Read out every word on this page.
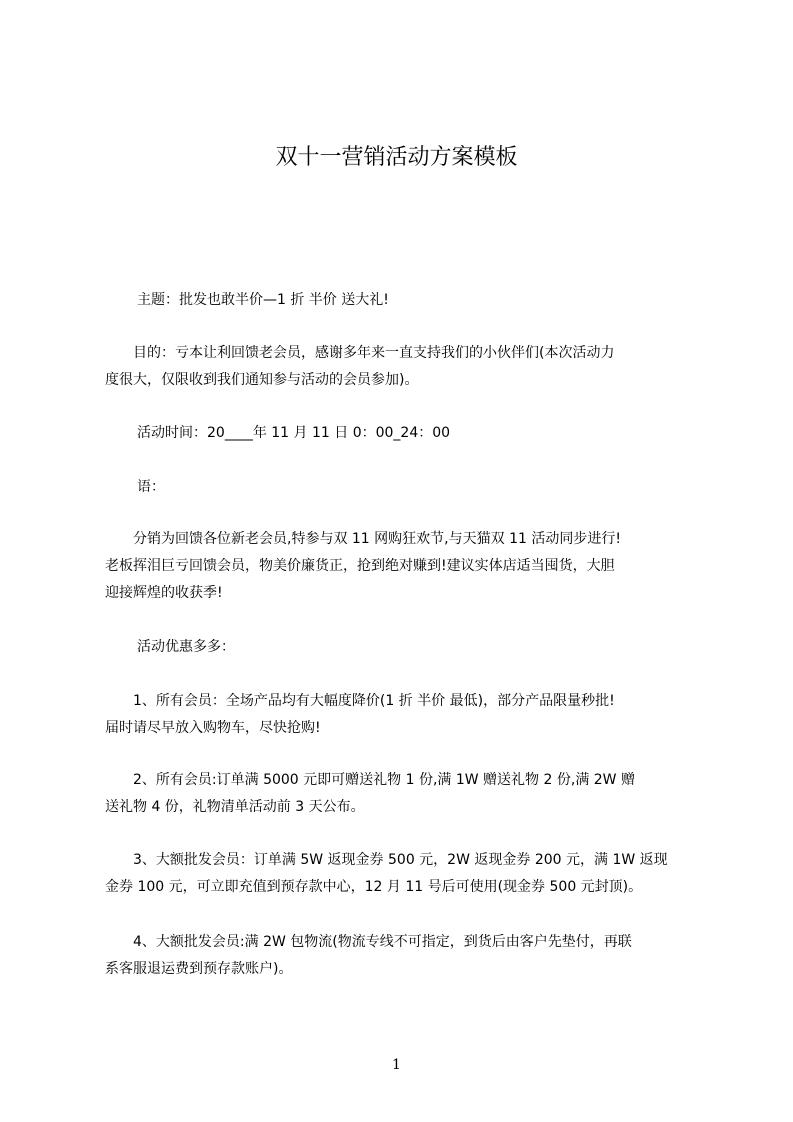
双十一营销活动方案模板
主题：批发也敢半价—1 折 半价 送大礼!
目的：亏本让利回馈老会员，感谢多年来一直支持我们的小伙伴们(本次活动力
度很大，仅限收到我们通知参与活动的会员参加)。
活动时间：20____年 11 月 11 日 0：00_24：00
语：
分销为回馈各位新老会员,特参与双 11 网购狂欢节,与天猫双 11 活动同步进行!
老板挥泪巨亏回馈会员，物美价廉货正，抢到绝对赚到!建议实体店适当囤货，大胆
迎接辉煌的收获季!
活动优惠多多：
1、所有会员：全场产品均有大幅度降价(1 折 半价 最低)，部分产品限量秒批!
届时请尽早放入购物车，尽快抢购!
2、所有会员:订单满 5000 元即可赠送礼物 1 份,满 1W 赠送礼物 2 份,满 2W 赠
送礼物 4 份，礼物清单活动前 3 天公布。
3、大额批发会员：订单满 5W 返现金券 500 元，2W 返现金券 200 元，满 1W 返现
金券 100 元，可立即充值到预存款中心，12 月 11 号后可使用(现金券 500 元封顶)。
4、大额批发会员:满 2W 包物流(物流专线不可指定，到货后由客户先垫付，再联
系客服退运费到预存款账户)。
1
